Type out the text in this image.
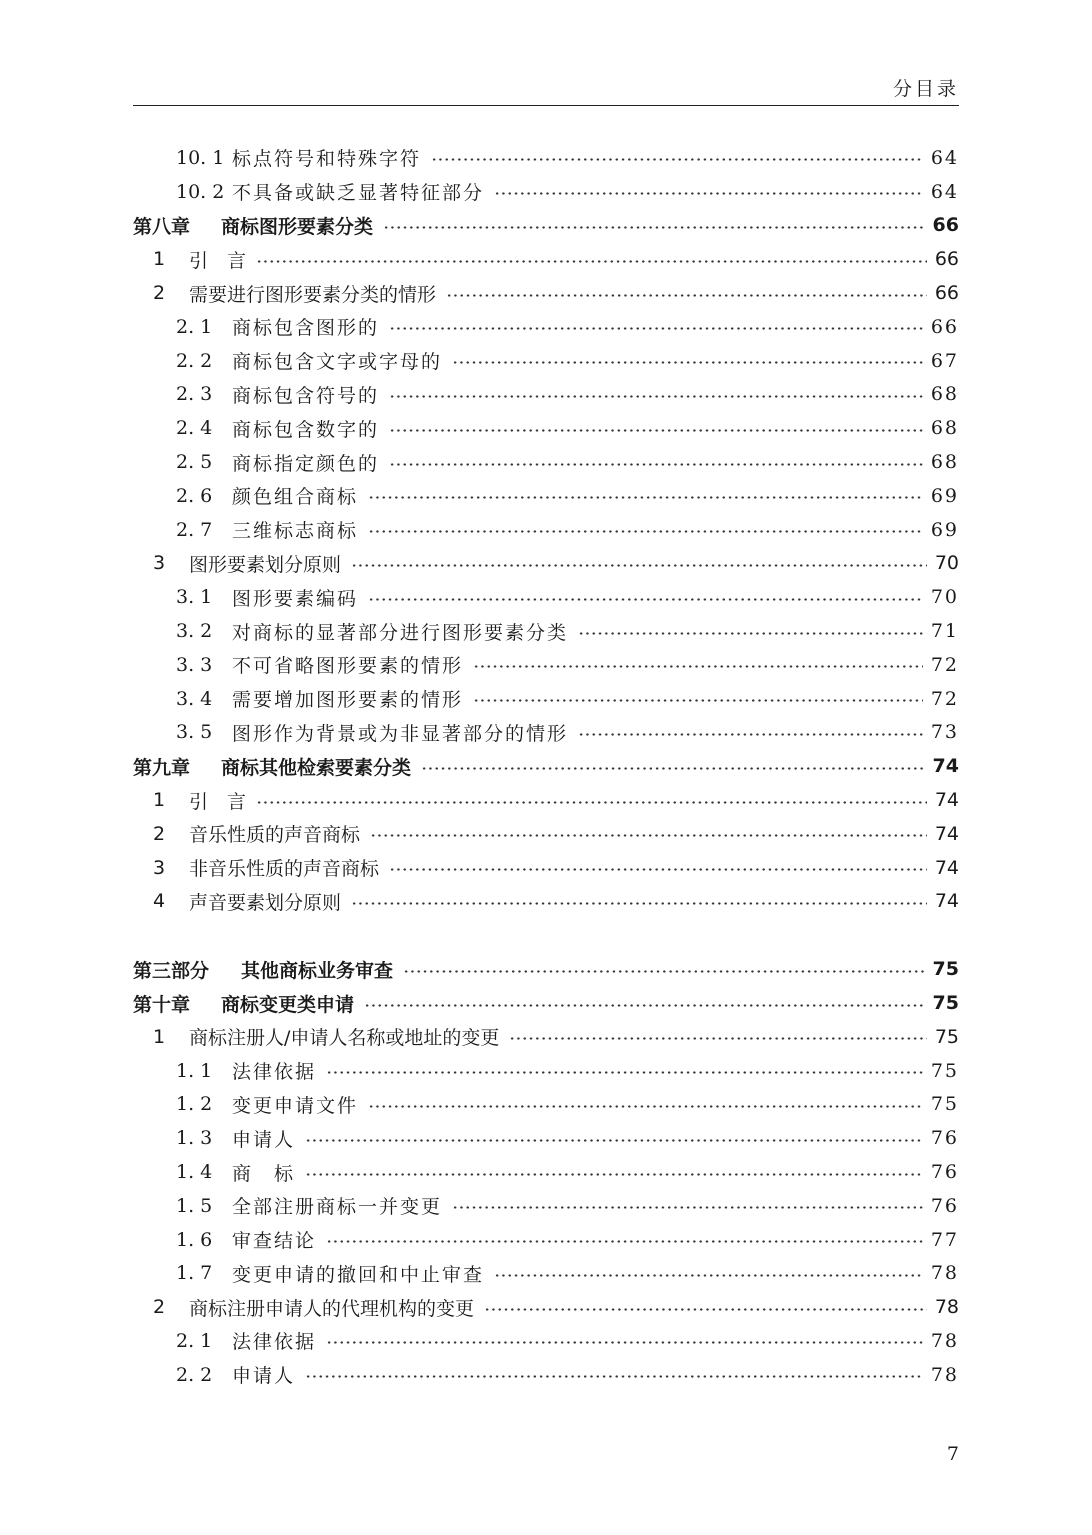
分目录
10. 1 标点符号和特殊字符	64
10. 2 不具备或缺乏显著特征部分	64
第八章	商标图形要素分类	66
1	引　言	66
2	需要进行图形要素分类的情形	66
2. 1	商标包含图形的	66
2. 2	商标包含文字或字母的	67
2. 3	商标包含符号的	68
2. 4	商标包含数字的	68
2. 5	商标指定颜色的	68
2. 6	颜色组合商标	69
2. 7	三维标志商标	69
3	图形要素划分原则	70
3. 1	图形要素编码	70
3. 2	对商标的显著部分进行图形要素分类	71
3. 3	不可省略图形要素的情形	72
3. 4	需要增加图形要素的情形	72
3. 5	图形作为背景或为非显著部分的情形	73
第九章	商标其他检索要素分类	74
1	引　言	74
2	音乐性质的声音商标	74
3	非音乐性质的声音商标	74
4	声音要素划分原则	74
第三部分	其他商标业务审查	75
第十章	商标变更类申请	75
1	商标注册人/申请人名称或地址的变更	75
1. 1	法律依据	75
1. 2	变更申请文件	75
1. 3	申请人	76
1. 4	商　标	76
1. 5	全部注册商标一并变更	76
1. 6	审查结论	77
1. 7	变更申请的撤回和中止审查	78
2	商标注册申请人的代理机构的变更	78
2. 1	法律依据	78
2. 2	申请人	78
7
